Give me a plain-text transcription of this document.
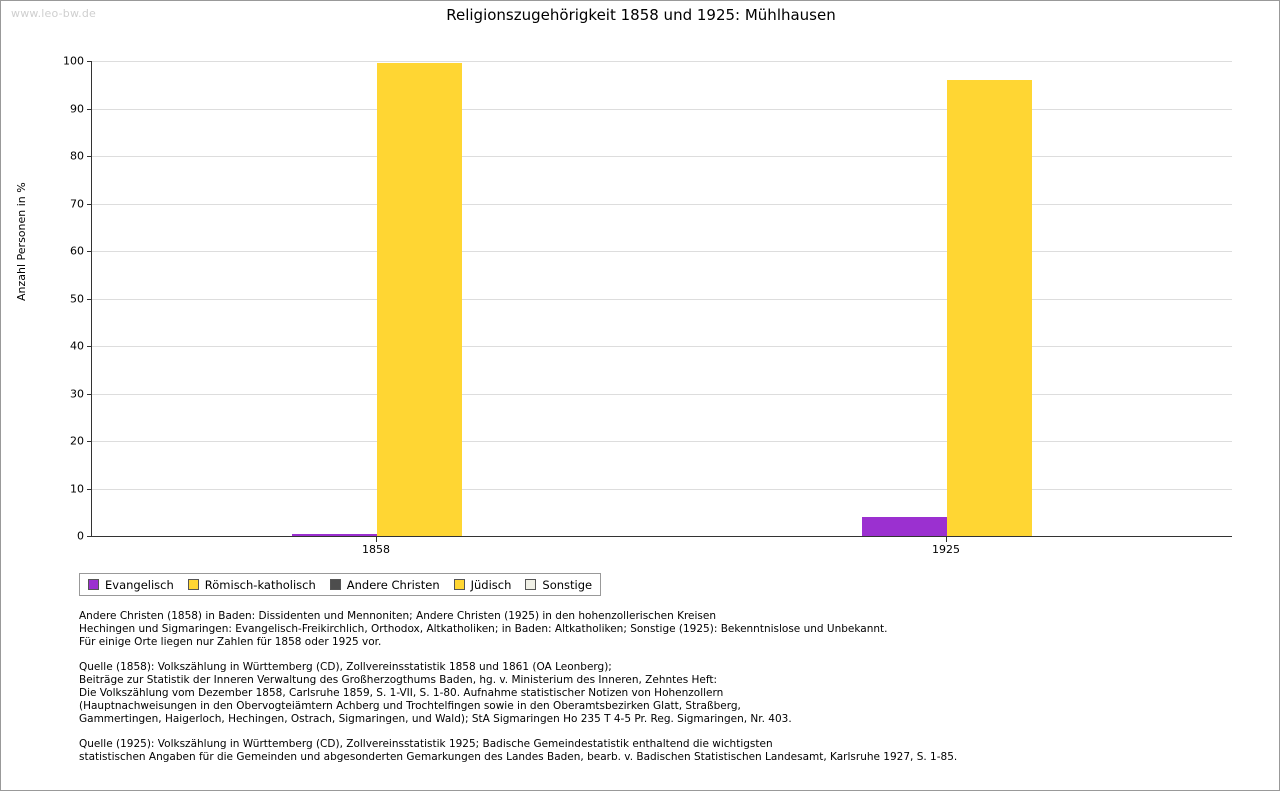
www.leo-bw.de	Religionszugehörigkeit 1858 und 1925: Mühlhausen
Anzahl Personen in %
0
10
20
30
40
50
60
70
80
90
100
Evangelisch	Römisch-katholisch	Andere Christen	Jüdisch	Sonstige
Andere Christen (1858) in Baden: Dissidenten und Mennoniten; Andere Christen (1925) in den hohenzollerischen Kreisen
Hechingen und Sigmaringen: Evangelisch-Freikirchlich, Orthodox, Altkatholiken; in Baden: Altkatholiken; Sonstige (1925): Bekenntnislose und Unbekannt.
Für einige Orte liegen nur Zahlen für 1858 oder 1925 vor.
Quelle (1858): Volkszählung in Württemberg (CD), Zollvereinsstatistik 1858 und 1861 (OA Leonberg);
Beiträge zur Statistik der Inneren Verwaltung des Großherzogthums Baden, hg. v. Ministerium des Inneren, Zehntes Heft:
Die Volkszählung vom Dezember 1858, Carlsruhe 1859, S. 1-VII, S. 1-80. Aufnahme statistischer Notizen von Hohenzollern
(Hauptnachweisungen in den Obervogteiämtern Achberg und Trochtelfingen sowie in den Oberamtsbezirken Glatt, Straßberg,
Gammertingen, Haigerloch, Hechingen, Ostrach, Sigmaringen, und Wald); StA Sigmaringen Ho 235 T 4-5 Pr. Reg. Sigmaringen, Nr. 403.
Quelle (1925): Volkszählung in Württemberg (CD), Zollvereinsstatistik 1925; Badische Gemeindestatistik enthaltend die wichtigsten
statistischen Angaben für die Gemeinden und abgesonderten Gemarkungen des Landes Baden, bearb. v. Badischen Statistischen Landesamt, Karlsruhe 1927, S. 1-85.
1858	1925
